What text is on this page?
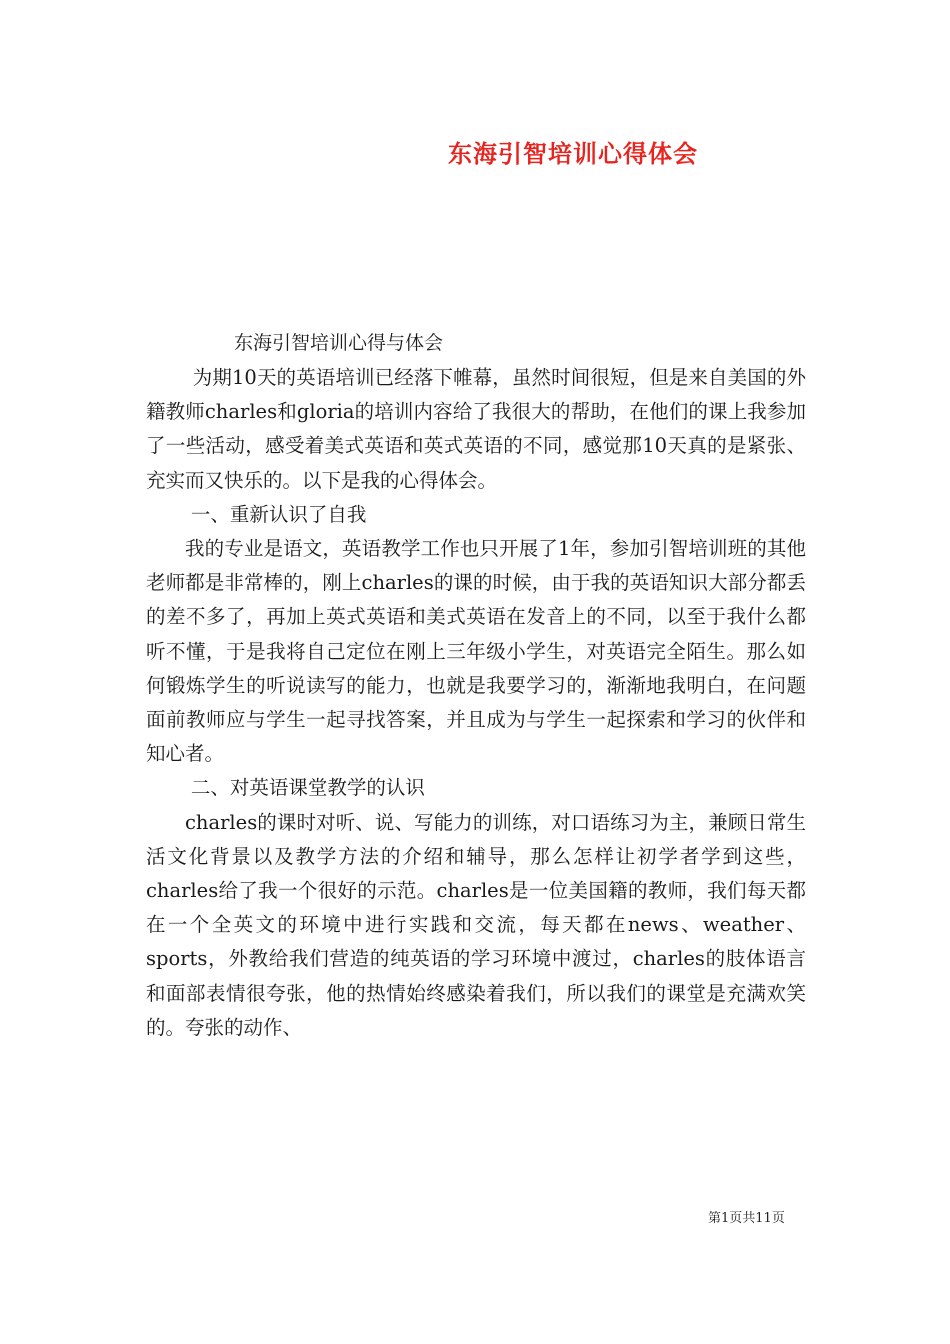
东海引智培训心得体会
东海引智培训心得与体会

为期10天的英语培训已经落下帷幕，虽然时间很短，但是来自美国的外籍教师charles和gloria的培训内容给了我很大的帮助，在他们的课上我参加了一些活动，感受着美式英语和英式英语的不同，感觉那10天真的是紧张、充实而又快乐的。以下是我的心得体会。

一、重新认识了自我

我的专业是语文，英语教学工作也只开展了1年，参加引智培训班的其他老师都是非常棒的，刚上charles的课的时候，由于我的英语知识大部分都丢的差不多了，再加上英式英语和美式英语在发音上的不同，以至于我什么都听不懂，于是我将自己定位在刚上三年级小学生，对英语完全陌生。那么如何锻炼学生的听说读写的能力，也就是我要学习的，渐渐地我明白，在问题面前教师应与学生一起寻找答案，并且成为与学生一起探索和学习的伙伴和知心者。

二、对英语课堂教学的认识

charles的课时对听、说、写能力的训练，对口语练习为主，兼顾日常生活文化背景以及教学方法的介绍和辅导，那么怎样让初学者学到这些，charles给了我一个很好的示范。charles是一位美国籍的教师，我们每天都在一个全英文的环境中进行实践和交流，每天都在news、weather、sports，外教给我们营造的纯英语的学习环境中渡过，charles的肢体语言和面部表情很夸张，他的热情始终感染着我们，所以我们的课堂是充满欢笑的。夸张的动作、

第1页共11页
